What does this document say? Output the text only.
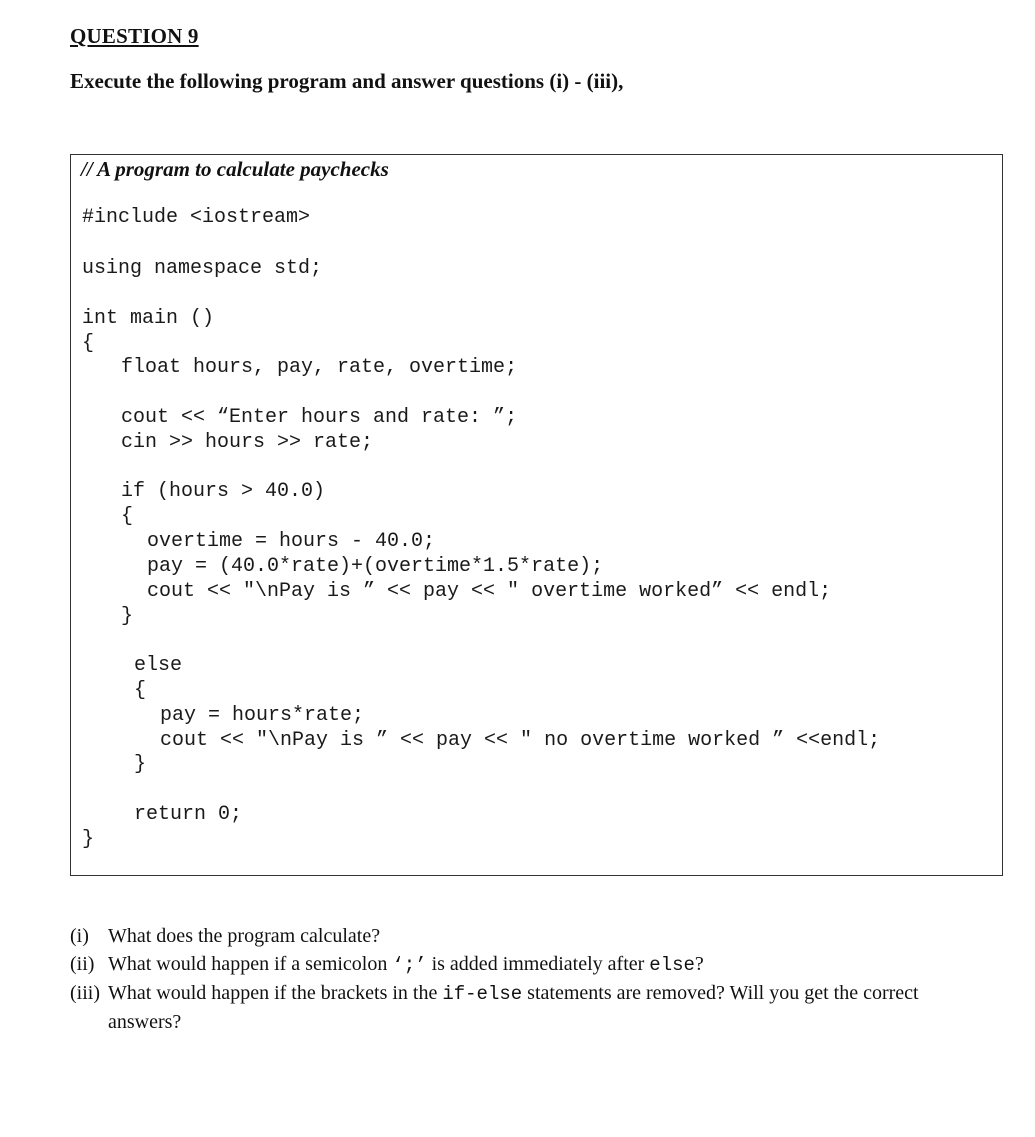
QUESTION 9
Execute the following program and answer questions (i) - (iii),
// A program to calculate paychecks
#include <iostream>
using namespace std;
int main ()
{
float hours, pay, rate, overtime;
cout << “Enter hours and rate: ”;
cin >> hours >> rate;
if (hours > 40.0)
{
overtime = hours - 40.0;
pay = (40.0*rate)+(overtime*1.5*rate);
cout << "\nPay is ” << pay << " overtime worked” << endl;
}
else
{
pay = hours*rate;
cout << "\nPay is ” << pay << " no overtime worked ” <<endl;
}
return 0;
}
(i) What does the program calculate?
(ii) What would happen if a semicolon ‘;’ is added immediately after else?
(iii) What would happen if the brackets in the if-else statements are removed? Will you get the correct answers?
